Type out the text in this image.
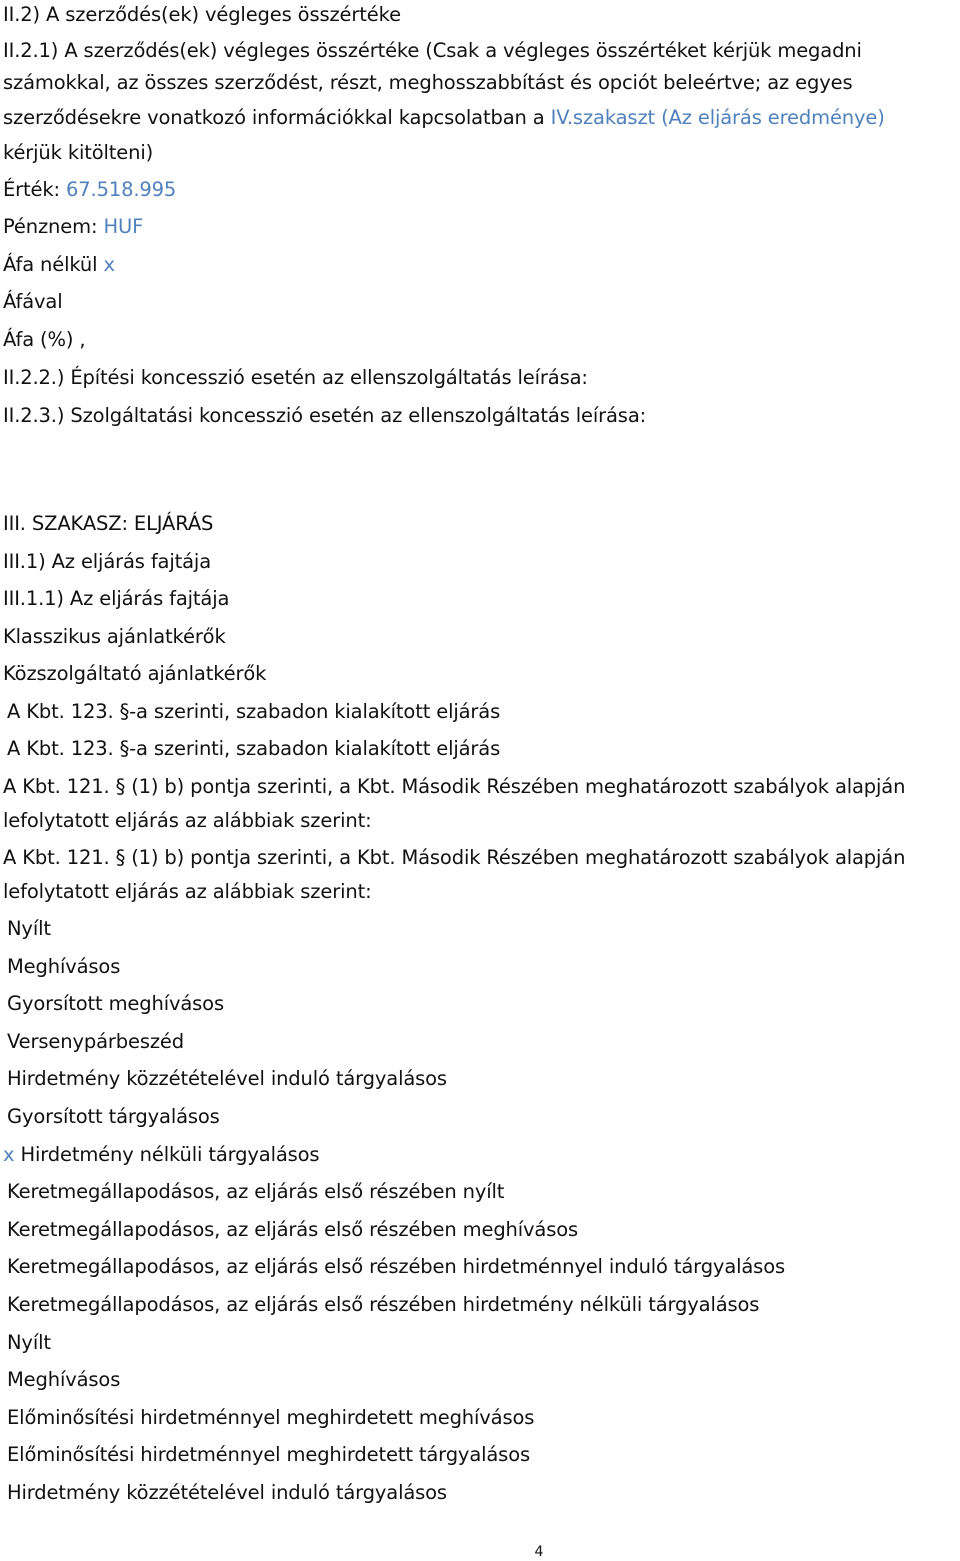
II.2) A szerződés(ek) végleges összértéke
II.2.1) A szerződés(ek) végleges összértéke (Csak a végleges összértéket kérjük megadni
számokkal, az összes szerződést, részt, meghosszabbítást és opciót beleértve; az egyes
szerződésekre vonatkozó információkkal kapcsolatban a IV.szakaszt (Az eljárás eredménye)
kérjük kitölteni)
Érték: 67.518.995
Pénznem: HUF
Áfa nélkül x
Áfával
Áfa (%) ,
II.2.2.) Építési koncesszió esetén az ellenszolgáltatás leírása:
II.2.3.) Szolgáltatási koncesszió esetén az ellenszolgáltatás leírása:
III. SZAKASZ: ELJÁRÁS
III.1) Az eljárás fajtája
III.1.1) Az eljárás fajtája
Klasszikus ajánlatkérők
Közszolgáltató ajánlatkérők
A Kbt. 123. §-a szerinti, szabadon kialakított eljárás
A Kbt. 123. §-a szerinti, szabadon kialakított eljárás
A Kbt. 121. § (1) b) pontja szerinti, a Kbt. Második Részében meghatározott szabályok alapján
lefolytatott eljárás az alábbiak szerint:
A Kbt. 121. § (1) b) pontja szerinti, a Kbt. Második Részében meghatározott szabályok alapján
lefolytatott eljárás az alábbiak szerint:
Nyílt
Meghívásos
Gyorsított meghívásos
Versenypárbeszéd
Hirdetmény közzétételével induló tárgyalásos
Gyorsított tárgyalásos
x Hirdetmény nélküli tárgyalásos
Keretmegállapodásos, az eljárás első részében nyílt
Keretmegállapodásos, az eljárás első részében meghívásos
Keretmegállapodásos, az eljárás első részében hirdetménnyel induló tárgyalásos
Keretmegállapodásos, az eljárás első részében hirdetmény nélküli tárgyalásos
Nyílt
Meghívásos
Előminősítési hirdetménnyel meghirdetett meghívásos
Előminősítési hirdetménnyel meghirdetett tárgyalásos
Hirdetmény közzétételével induló tárgyalásos
4
